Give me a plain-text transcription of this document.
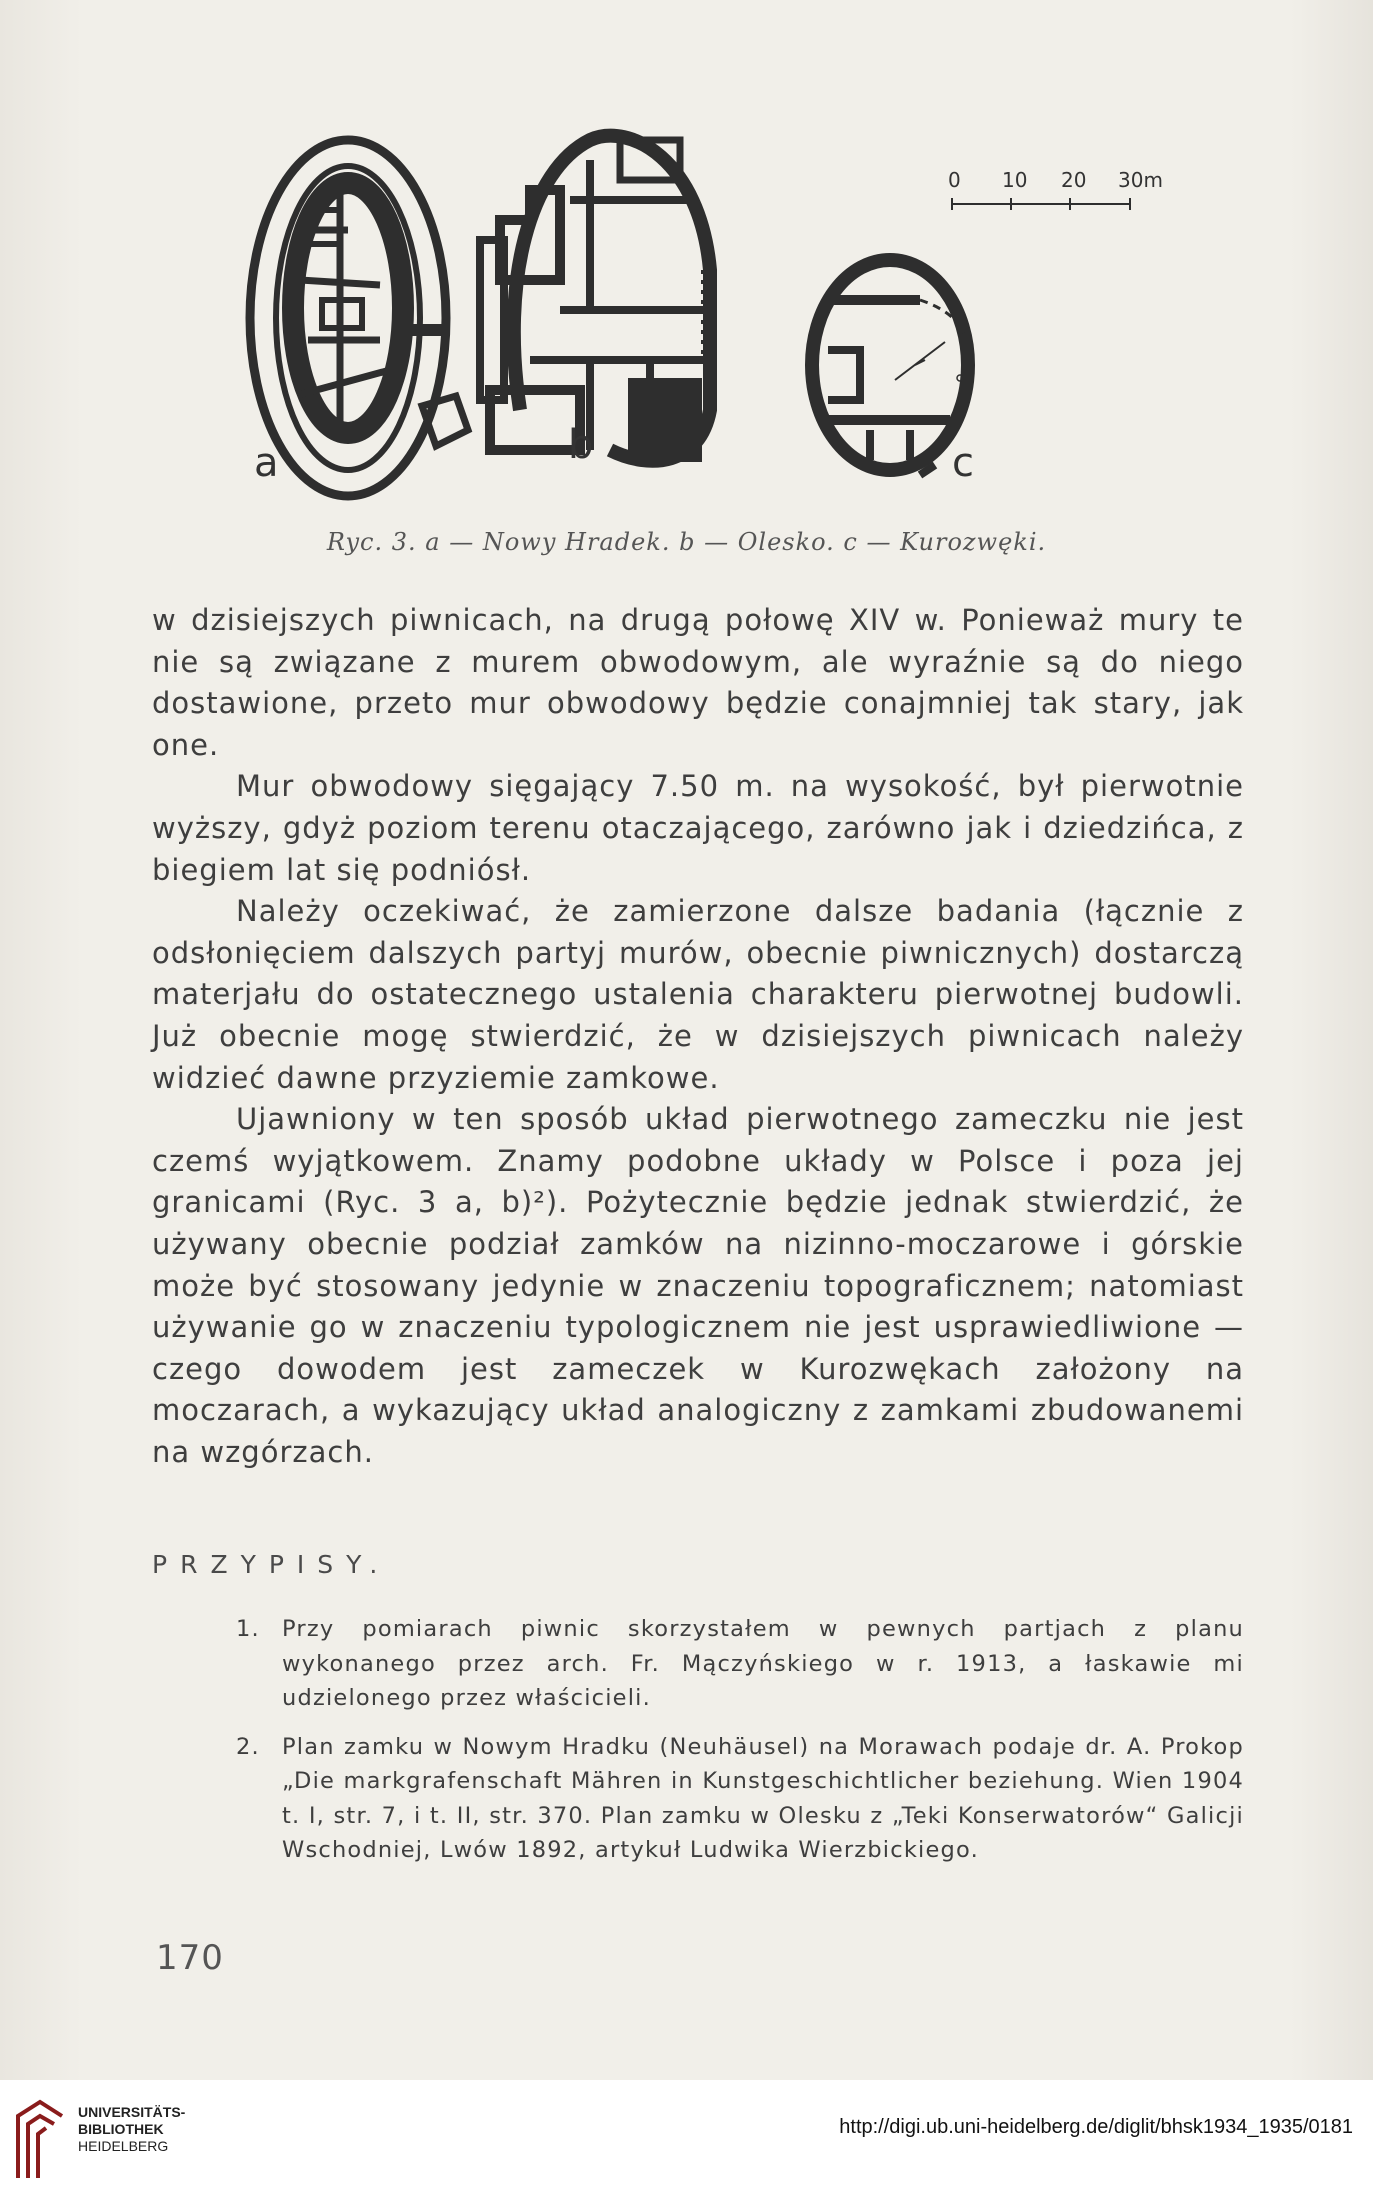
a	b	c
0 10 20 30m
Ryc. 3. a — Nowy Hradek. b — Olesko. c — Kurozwęki.

w dzisiejszych piwnicach, na drugą połowę XIV w. Ponieważ mury te nie są związane z murem obwodowym, ale wyraźnie są do niego dostawione, przeto mur obwodowy będzie conajmniej tak stary, jak one.

Mur obwodowy sięgający 7.50 m. na wysokość, był pierwotnie wyższy, gdyż poziom terenu otaczającego, zarówno jak i dziedzińca, z biegiem lat się podniósł.

Należy oczekiwać, że zamierzone dalsze badania (łącznie z odsłonięciem dalszych partyj murów, obecnie piwnicznych) dostarczą materjału do ostatecznego ustalenia charakteru pierwotnej budowli. Już obecnie mogę stwierdzić, że w dzisiejszych piwnicach należy widzieć dawne przyziemie zamkowe.

Ujawniony w ten sposób układ pierwotnego zameczku nie jest czemś wyjątkowem. Znamy podobne układy w Polsce i poza jej granicami (Ryc. 3 a, b)²). Pożytecznie będzie jednak stwierdzić, że używany obecnie podział zamków na nizinno-moczarowe i górskie może być stosowany jedynie w znaczeniu topograficznem; natomiast używanie go w znaczeniu typologicznem nie jest usprawiedliwione — czego dowodem jest zameczek w Kurozwękach założony na moczarach, a wykazujący układ analogiczny z zamkami zbudowanemi na wzgórzach.

PRZYPISY.
1. Przy pomiarach piwnic skorzystałem w pewnych partjach z planu wykonanego przez arch. Fr. Mączyńskiego w r. 1913, a łaskawie mi udzielonego przez właścicieli.
2. Plan zamku w Nowym Hradku (Neuhäusel) na Morawach podaje dr. A. Prokop „Die markgrafenschaft Mähren in Kunstgeschichtlicher beziehung. Wien 1904 t. I, str. 7, i t. II, str. 370. Plan zamku w Olesku z „Teki Konserwatorów“ Galicji Wschodniej, Lwów 1892, artykuł Ludwika Wierzbickiego.
170
UNIVERSITÄTS-
BIBLIOTHEK
HEIDELBERG
http://digi.ub.uni-heidelberg.de/diglit/bhsk1934_1935/0181
